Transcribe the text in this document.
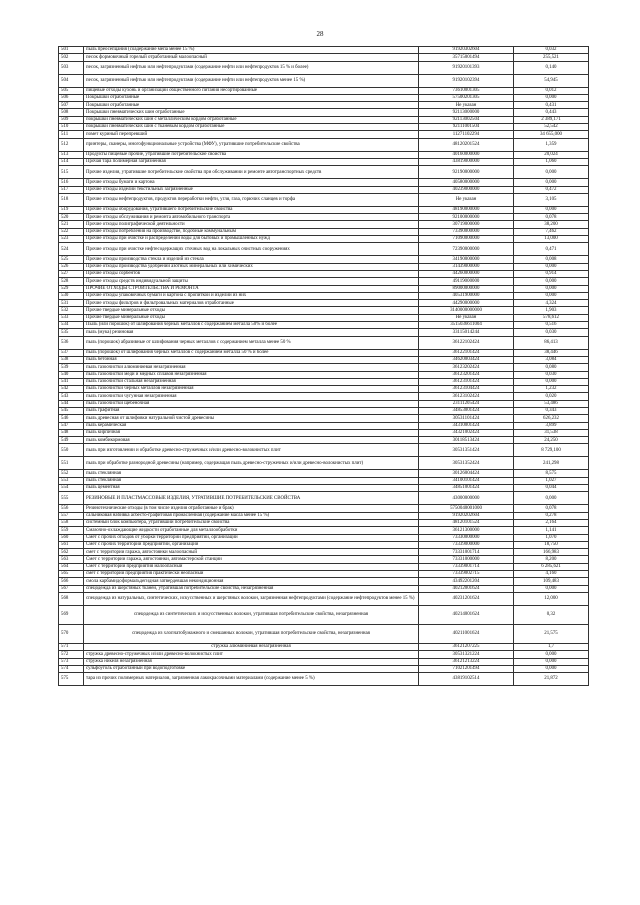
28
501	пыль преосепцания (соадержание мепа менее 15 %)	91920302604	0,032
502	песок формовочный горелый отработанный малоопасный	35715001494	255,521
503	песок, загрязненный нефтью или нефтепродуктами (содержание нефти или нефтепродуктов 15 % и более)	91920101393	0,140
504	песок, загрязненный нефтью или нефтепродуктами (содержание нефти или нефтепродуктов менее 15 %)	91920102394	54,945
505	пищевые отходы кухонь и организаций общественного питания несортированные	73610001305	0,012
506	Покрышки отработанные	57500201305	0,000
507	Покрышки отработанные	Не указан	0,431
508	Покрышки пневматических шин отработанные	92113000000	0,443
509	покрышки пневматических шин с металлическим кордом отработанные	92113002504	2 389,171
510	покрышки пневматических шин с тканевым кордом отработанные	92111001504	52,542
511	помет куриный перепревший	11271102294	34 655,000
512	принтеры, сканеры, многофункциональные устройства (МФУ), утратившие потребительские свойства	48120201524	1,359
513	Продукты пищевые прочие, утратившие потребительские свойства	40160000000	20,024
514	Прочая тара полимерная загрязненная	43819000000	1,060
515	Прочие изделия, утратившие потребительские свойства при обслуживании и ремонте автотранспортных средств	92190000000	0,000
516	Прочие отходы бумаги и картона	40580000000	0,000
517	Прочие отходы изделий текстильных загрязненные	40239000000	0,472
518	Прочие отходы нефтепродуктов, продуктов переработки нефти, угля, газа, горючих сланцев и торфа	Не указан	3,105
519	Прочие отходы оборудования, утратившего потребительские свойства	48190000000	0,000
520	Прочие отходы обслуживания и ремонта автомобильного транспорта	92100000000	0,078
521	Прочие отходы полиграфической деятельности	30719000000	38,200
522	Прочие отходы потребления на производстве, подобные коммунальным	73390000000	7,462
523	Прочие отходы при очистке и распределении воды для бытовых и промышленных нужд	71090000000	13,000
524	Прочие отходы при очистке нефтесодержащих сточных вод на локальных очистных сооружениях	72390000000	0,471
525	Прочие отходы производства стекла и изделий из стекла	34190000000	0,008
526	Прочие отходы производства удобрений азотных минеральных или химических	31439000000	0,000
527	Прочие отходы сорбентов	44260000000	0,914
528	Прочие отходы средств индивидуальной защиты	49119000000	0,000
529	ПРОЧИЕ ОТХОДЫ СТРОИТЕЛЬСТВА И РЕМОНТА	89000000000	0,000
530	Прочие отходы упаковочных бумаги и картона с пропиткой и изделий из них	40531900000	0,000
531	Прочие отходы фильтров и фильтровальных материалов отработанные	44290000000	4,324
532	Прочие твердые минеральные отходы	3140000000000	1,903
533	Прочие твердые минеральные отходы	Не указан	578,612
534	Пыль (или порошок) от шлифования черных металлов с содержанием металла 50% и более	3515036611004	0,516
535	пыль (мука) резиновая	33115014244	0,030
536	пыль (порошок) абразивные от шлифования черных металлов с содержанием металла менее 50 %	36122102424	86,413
537	пыль (порошок) от шлифования черных металлов с содержанием металла 50 % и более	36122101424	38,446
538	пыль бетонная	34620003424	3,084
539	пыль газоочистки алюминиевая незагрязненная	36123202424	0,080
540	пыль газоочистки меди и медных сплавов незагрязненная	36123201424	0,030
541	пыль газоочистки стальная незагрязненная	36123101424	0,000
542	пыль газоочистки черных металлов незагрязненная	36123104424	1,232
543	пыль газоочистки чугунная незагрязненная	36123102424	0,020
544	пыль газоочистки щебеночная	23111205424	53,486
545	пыль графитная	34853001424	0,343
546	пыль древесная от шлифовки натуральной чистой древесины	30531101424	626,232
547	пыль керамическая	34310001424	3,899
548	пыль кирпичная	34321002424	31,538
549	пыль комбикормовая	30118513424	24,250
550	пыль при изготовлении и обработке древесно-стружечных и/или древесно-волокнистых плит	30531351424	8 729,100
551	пыль при обработке разнородной древесины (например, содержащая пыль древесно-стружечных и/или древесно-волокнистых плит)	30531352424	241,298
552	пыль стеклянная	30126004424	8,575
553	пыль стеклянная	34100101424	1,027
554	пыль цементная	34851001424	0,044
555	РЕЗИНОВЫЕ И ПЛАСТМАССОВЫЕ ИЗДЕЛИЯ, УТРАТИВШИЕ ПОТРЕБИТЕЛЬСКИЕ СВОЙСТВА	43000000000	0,000
556	Резинотехнические отходы (в том числе изделия отработанные и брак)	5750040001000	0,078
557	сальниковая набивка асбесто-графитовая промасленная (содержание масла менее 15 %)	91920202604	0,278
558	системный блок компьютера, утративший потребительские свойства	48120101524	2,164
559	Смазочно-охлаждающие жидкости отработанные для металлообработки	36121300000	1,141
560	Смет с прочих отходов от уборки территории предприятий, организаций	73330000000	1,070
561	Смет с прочих территорий предприятий, организаций	73339000000	18,750
562	смет с территории гаража, автостоянки малоопасный	73331001714	166,983
563	Смет с территории гаража, автостоянки, автомастерской станции	73331000000	8,200
564	Смет с территории предприятия малоопасный	73339001714	6 285,621
565	смет с территории предприятия практически неопасный	73339002715	4,160
566	смола карбамидоформальдегидная затвердевшая некондиционная	43492201204	109,483
567	спецодежда из шерстяных тканей, утратившая потребительские свойства, незагрязненная	40212001624	0,000
568	спецодежда из натуральных, синтетических, искусственных и шерстяных волокон, загрязненная нефтепродуктами (содержание нефтепродуктов менее 15 %)	40231201624	12,000
569	спецодежда из синтетических и искусственных волокон, утратившая потребительские свойства, незагрязненная	40214001624	0,32
570	спецодежда из хлопчатобумажного и смешанных волокон, утратившая потребительские свойства, незагрязненная	40211001624	21,575
571	стружка алюминиевая незагрязненная	36121207225	1,7
572	стружка древесно-стружечных и/или древесно-волокнистых плит	30531321224	0,000
573	стружка никеля незагрязненная	36121213224	0,000
574	сульфоуголь отработанный при водоподготовке	71021201494	0,000
575	тара из прочих полимерных материалов, загрязненная лакокрасочными материалами (содержание менее 5 %)	43819102514	21,872
